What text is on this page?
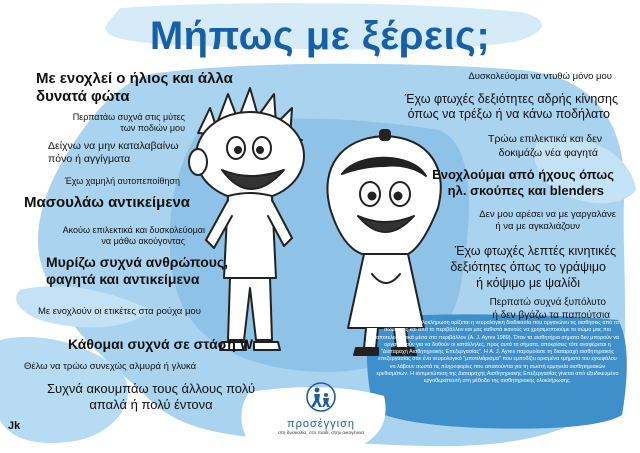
Μήπως με ξέρεις;

Με ενοχλεί ο ήλιος και άλλα

δυνατά φώτα

Περπατάω συχνά στις μύτες

των ποδιών μου

Δείχνω να μην καταλαβαίνω

πόνο ή αγγίγματα

Έχω χαμηλή αυτοπεποίθηση

Μασουλάω αντικείμενα

Ακούω επιλεκτικά και δυσκολεύομαι

να μάθω ακούγοντας

Μυρίζω συχνά ανθρώπους,

φαγητά και αντικείμενα

Με ενοχλούν οι ετικέτες στα ρούχα μου

Κάθομαι συχνά σε στάση W

Θέλω να τρώω συνεχώς αλμυρά ή γλυκά

Συχνά ακουμπάω τους άλλους πολύ

απαλά ή πολύ έντονα

Δυσκολεύομαι να ντυθώ μόνο μου

Έχω φτωχές δεξιότητες αδρής κίνησης

όπως να τρέξω ή να κάνω ποδήλατο

Τρώω επιλεκτικά και δεν

δοκιμάζω νέα φαγητά

Ενοχλούμαι από ήχους όπως

ηλ. σκούπες και blenders

Δεν μου αρέσει να με γαργαλάνε

ή να με αγκαλιάζουν

Έχω φτωχές λεπτές κινητικές

δεξιότητες όπως το γράψιμο

ή κόψιμο με ψαλίδι

Περπατώ συχνά ξυπόλυτο

ή δεν βγάζω τα παπούτσια

Ως Αισθητηριακή Ολοκλήρωση ορίζεται η νευρολογική διαδικασία που οργανώνει τις αισθήσεις από το σώμα μας και από το περιβάλλον και μας καθιστά ικανούς να χρησιμοποιούμε το σώμα μας πιο αποτελεσματικά μέσα στο περιβάλλον (A. J. Ayres 1989). Όταν τα αισθητήρια σήματα δεν μπορούν να οργανωθούν για να δοθούν οι κατάλληλες, προς αυτά τα σήματα, αποκρίσεις τότε αναφέρεται η "Διαταραχή Αισθητηριακής Επεξεργασίας". Η A. J. Ayres παρομοίασε τη διαταραχή αισθητηριακής επεξεργασίας σαν ένα νευρολογικό "μποτιλιάρισμα" που εμποδίζει ορισμένα τμήματα του εγκεφάλου να λάβουν σωστά τις πληροφορίες που απαιτούνται για τη σωστή ερμηνεία αισθητηριακών ερεθισμάτων. Η αντιμετώπιση της Διαταραχής Αισθητηριακής Επεξεργασίας γίνεται από εξειδικευμένο εργοθεραπευτή στη μέθοδο της αισθητηριακής ολοκλήρωσης.

προσέγγιση
στη δυσκολία, στο παιδί, στην οικογένεια
Jk
